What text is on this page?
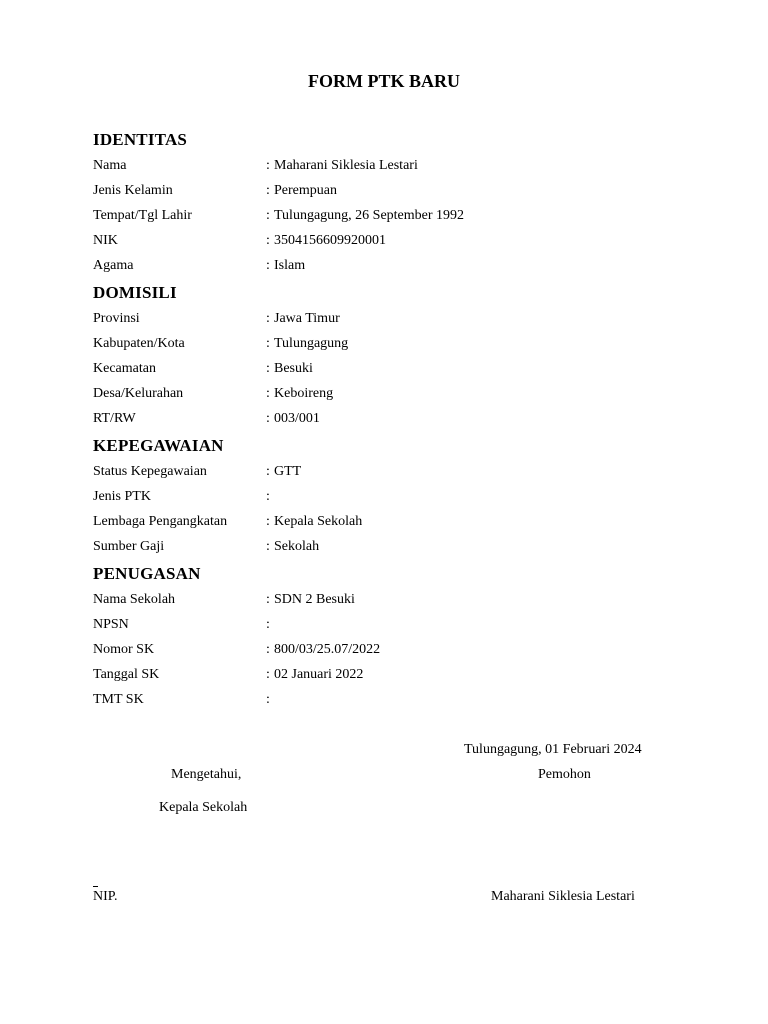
FORM PTK BARU
IDENTITAS
Nama	: Maharani Siklesia Lestari
Jenis Kelamin	: Perempuan
Tempat/Tgl Lahir	: Tulungagung, 26 September 1992
NIK	: 3504156609920001
Agama	: Islam
DOMISILI
Provinsi	: Jawa Timur
Kabupaten/Kota	: Tulungagung
Kecamatan	: Besuki
Desa/Kelurahan	: Keboireng
RT/RW	: 003/001
KEPEGAWAIAN
Status Kepegawaian	: GTT
Jenis PTK	:
Lembaga Pengangkatan	: Kepala Sekolah
Sumber Gaji	: Sekolah
PENUGASAN
Nama Sekolah	: SDN 2 Besuki
NPSN	:
Nomor SK	: 800/03/25.07/2022
Tanggal SK	: 02 Januari 2022
TMT SK	:
Tulungagung, 01 Februari 2024
Mengetahui,	Pemohon
Kepala Sekolah
NIP.	Maharani Siklesia Lestari
